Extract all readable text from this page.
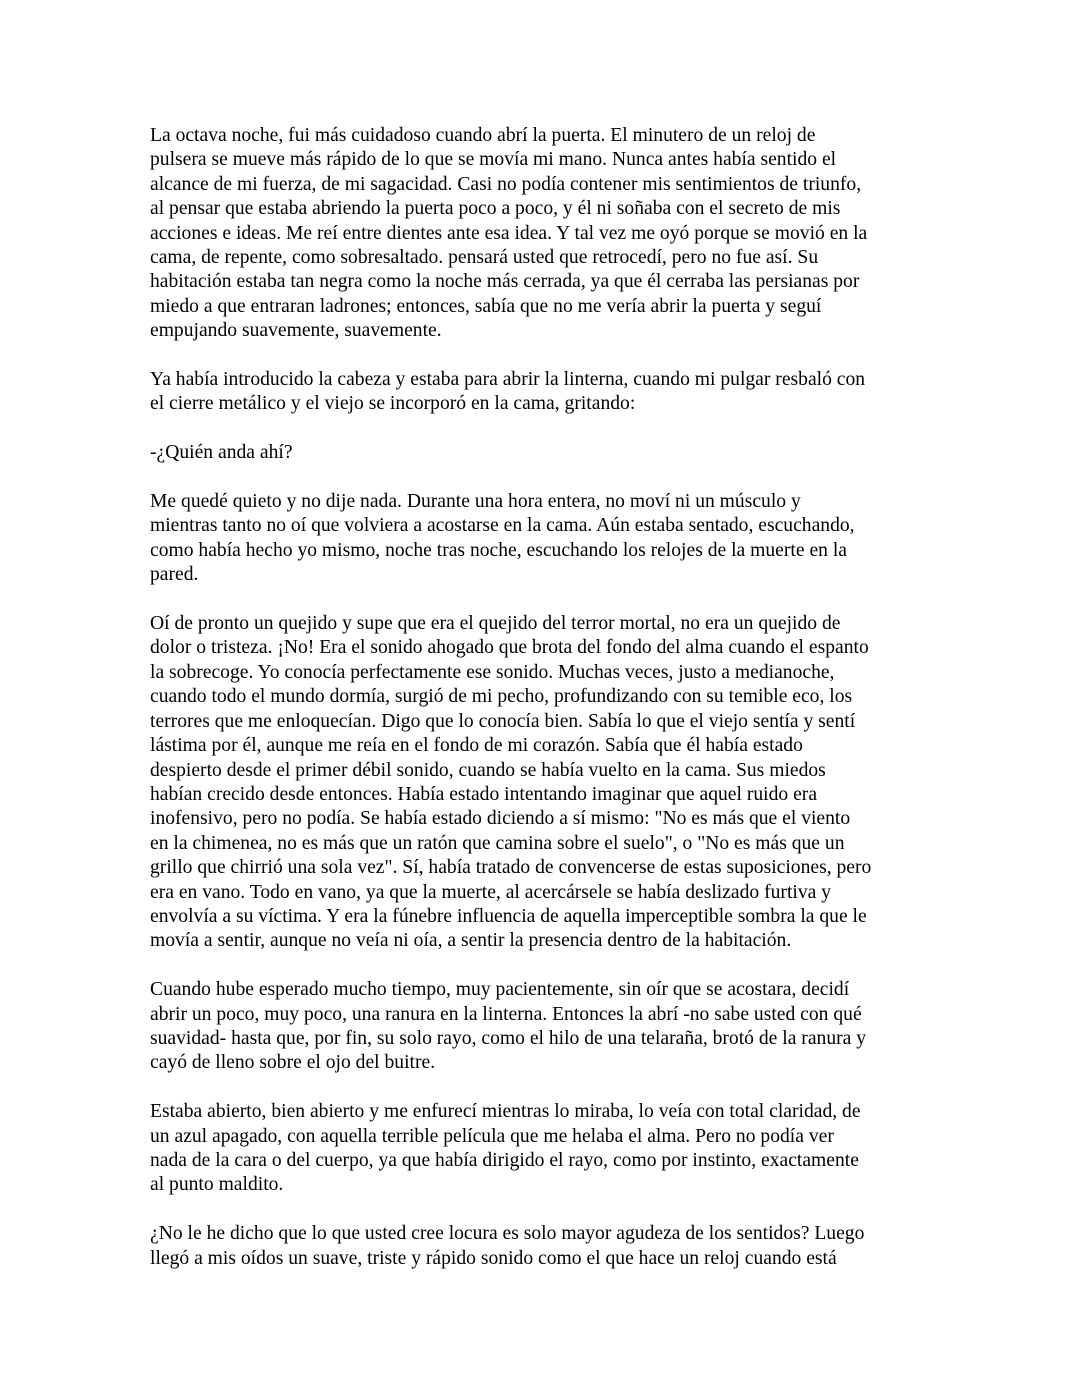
La octava noche, fui más cuidadoso cuando abrí la puerta. El minutero de un reloj de
pulsera se mueve más rápido de lo que se movía mi mano. Nunca antes había sentido el
alcance de mi fuerza, de mi sagacidad. Casi no podía contener mis sentimientos de triunfo,
al pensar que estaba abriendo la puerta poco a poco, y él ni soñaba con el secreto de mis
acciones e ideas. Me reí entre dientes ante esa idea. Y tal vez me oyó porque se movió en la
cama, de repente, como sobresaltado. pensará usted que retrocedí, pero no fue así. Su
habitación estaba tan negra como la noche más cerrada, ya que él cerraba las persianas por
miedo a que entraran ladrones; entonces, sabía que no me vería abrir la puerta y seguí
empujando suavemente, suavemente.

Ya había introducido la cabeza y estaba para abrir la linterna, cuando mi pulgar resbaló con
el cierre metálico y el viejo se incorporó en la cama, gritando:

-¿Quién anda ahí?

Me quedé quieto y no dije nada. Durante una hora entera, no moví ni un músculo y
mientras tanto no oí que volviera a acostarse en la cama. Aún estaba sentado, escuchando,
como había hecho yo mismo, noche tras noche, escuchando los relojes de la muerte en la
pared.

Oí de pronto un quejido y supe que era el quejido del terror mortal, no era un quejido de
dolor o tristeza. ¡No! Era el sonido ahogado que brota del fondo del alma cuando el espanto
la sobrecoge. Yo conocía perfectamente ese sonido. Muchas veces, justo a medianoche,
cuando todo el mundo dormía, surgió de mi pecho, profundizando con su temible eco, los
terrores que me enloquecían. Digo que lo conocía bien. Sabía lo que el viejo sentía y sentí
lástima por él, aunque me reía en el fondo de mi corazón. Sabía que él había estado
despierto desde el primer débil sonido, cuando se había vuelto en la cama. Sus miedos
habían crecido desde entonces. Había estado intentando imaginar que aquel ruido era
inofensivo, pero no podía. Se había estado diciendo a sí mismo: "No es más que el viento
en la chimenea, no es más que un ratón que camina sobre el suelo", o "No es más que un
grillo que chirrió una sola vez". Sí, había tratado de convencerse de estas suposiciones, pero
era en vano. Todo en vano, ya que la muerte, al acercársele se había deslizado furtiva y
envolvía a su víctima. Y era la fúnebre influencia de aquella imperceptible sombra la que le
movía a sentir, aunque no veía ni oía, a sentir la presencia dentro de la habitación.

Cuando hube esperado mucho tiempo, muy pacientemente, sin oír que se acostara, decidí
abrir un poco, muy poco, una ranura en la linterna. Entonces la abrí -no sabe usted con qué
suavidad- hasta que, por fin, su solo rayo, como el hilo de una telaraña, brotó de la ranura y
cayó de lleno sobre el ojo del buitre.

Estaba abierto, bien abierto y me enfurecí mientras lo miraba, lo veía con total claridad, de
un azul apagado, con aquella terrible película que me helaba el alma. Pero no podía ver
nada de la cara o del cuerpo, ya que había dirigido el rayo, como por instinto, exactamente
al punto maldito.

¿No le he dicho que lo que usted cree locura es solo mayor agudeza de los sentidos? Luego
llegó a mis oídos un suave, triste y rápido sonido como el que hace un reloj cuando está
